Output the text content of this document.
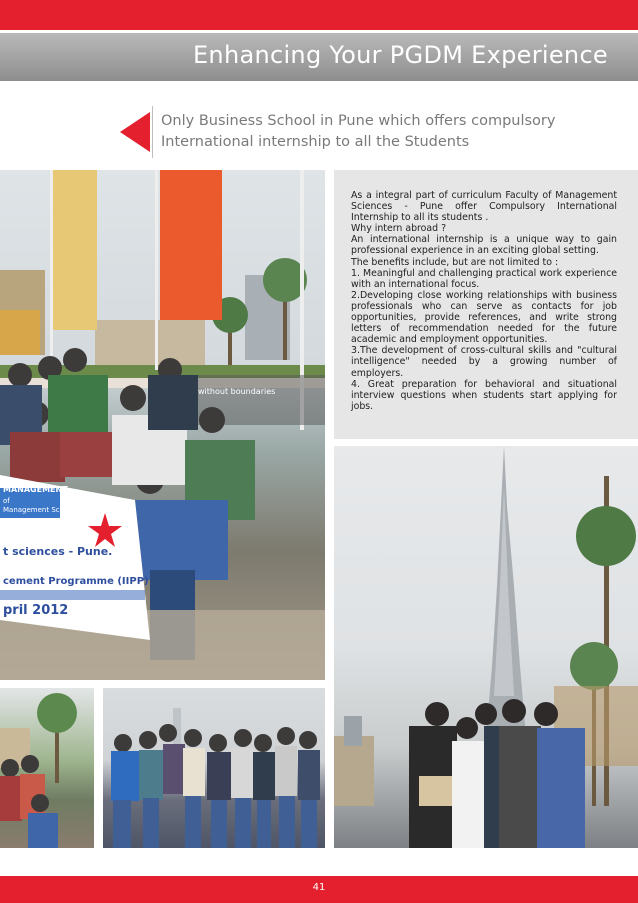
Enhancing Your PGDM Experience
Only Business School in Pune which offers compulsory
International internship to all the Students
MANAGEMENT
of
Management Sciences
t sciences - Pune.
cement Programme (IIPP)
pril 2012
without boundaries

As a integral part of curriculum Faculty of Management Sciences - Pune offer Compulsory International Internship to all its students .

Why intern abroad ?

An international internship is a unique way to gain professional experience in an exciting global setting.

The benefits include, but are not limited to :

1. Meaningful and challenging practical work experience with an international focus.

2.Developing close working relationships with business professionals who can serve as contacts for job opportunities, provide references, and write strong letters of recommendation needed for the future academic and employment opportunities.

3.The development of cross-cultural skills and "cultural intelligence" needed by a growing number of employers.

4. Great preparation for behavioral and situational interview questions when students start applying for jobs.

41
